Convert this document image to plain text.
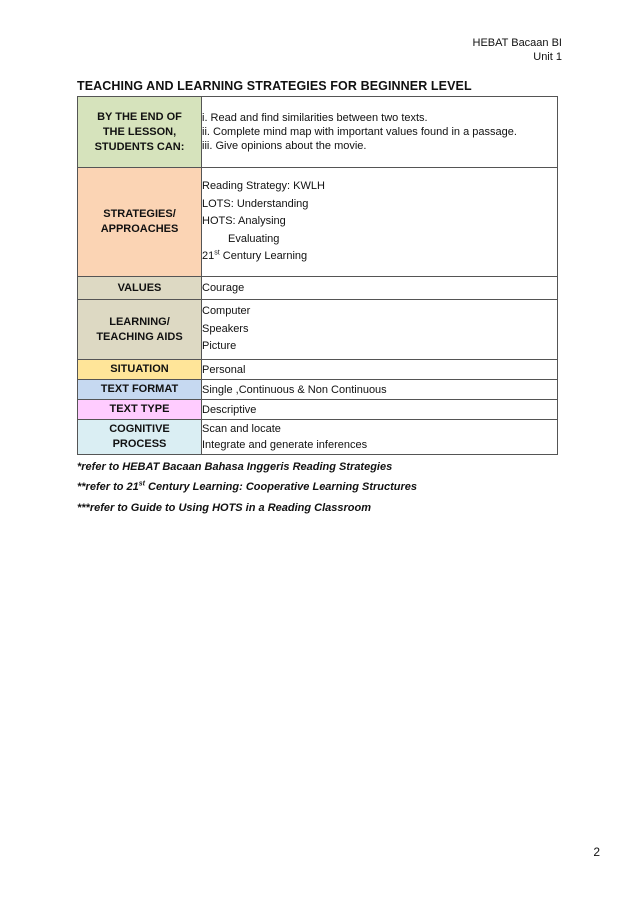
HEBAT Bacaan BI
Unit 1
TEACHING AND LEARNING STRATEGIES FOR BEGINNER LEVEL
BY THE END OF
THE LESSON,
STUDENTS CAN:	i. Read and find similarities between two texts.
ii. Complete mind map with important values found in a passage.
iii. Give opinions about the movie.

STRATEGIES/
APPROACHES	Reading Strategy: KWLH
LOTS: Understanding
HOTS: Analysing
Evaluating
21st Century Learning

VALUES	Courage

LEARNING/
TEACHING AIDS	Computer
Speakers
Picture

SITUATION	Personal
TEXT FORMAT	Single ,Continuous & Non Continuous
TEXT TYPE	Descriptive

COGNITIVE
PROCESS	Scan and locate
Integrate and generate inferences
*refer to HEBAT Bacaan Bahasa Inggeris Reading Strategies
**refer to 21st Century Learning: Cooperative Learning Structures
***refer to Guide to Using HOTS in a Reading Classroom
2
